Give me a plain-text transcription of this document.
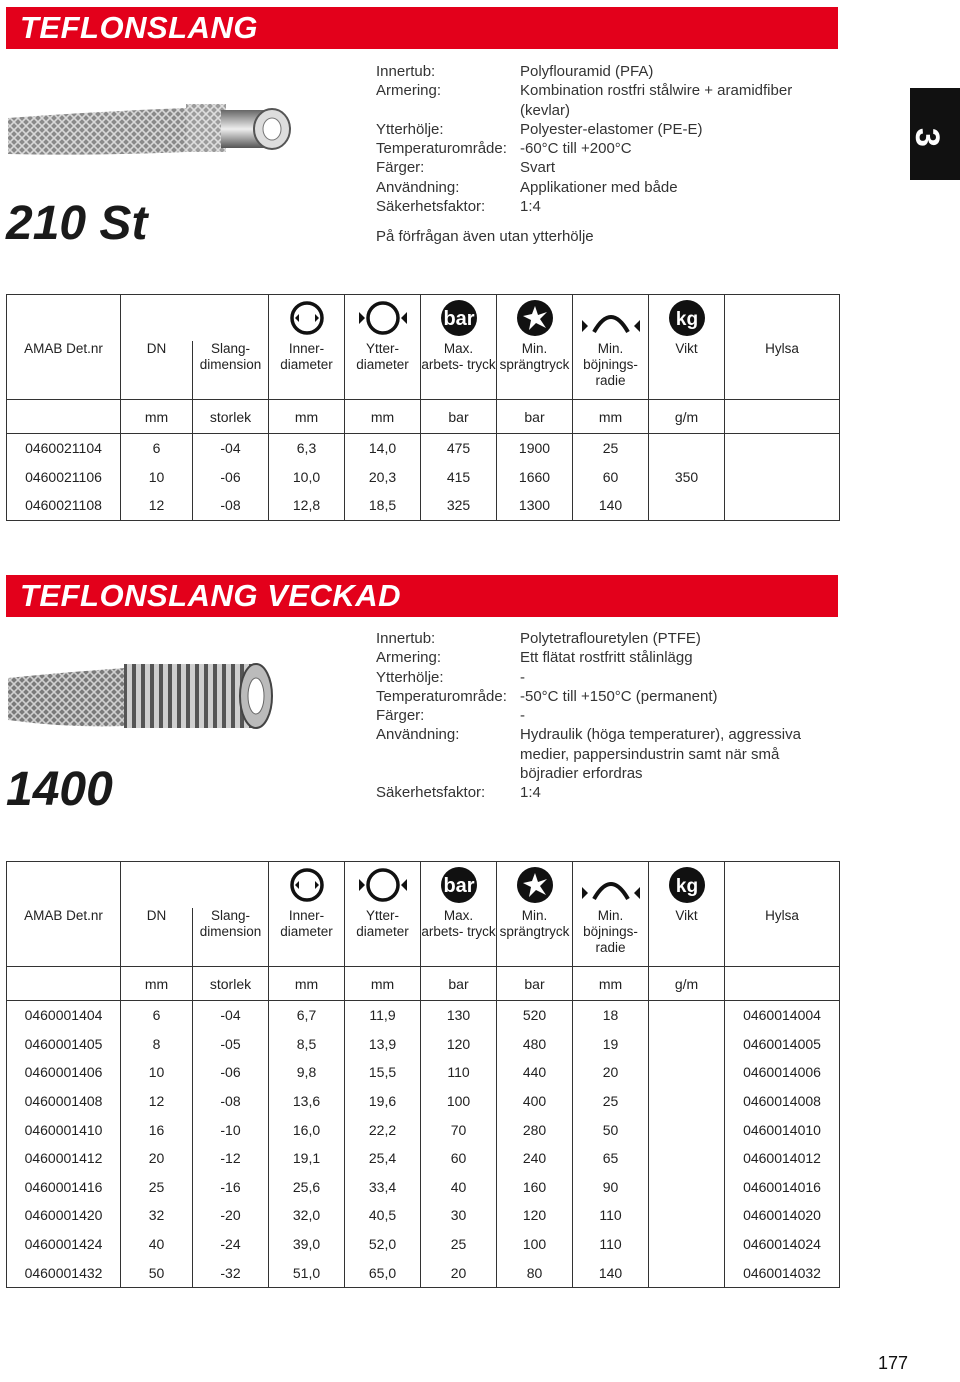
TEFLONSLANG
3
210 St
Innertub:	Polyflouramid (PFA)
Armering:	Kombination rostfri stålwire + aramidfiber (kevlar)
Ytterhölje:	Polyester-elastomer (PE-E)
Temperaturområde: -60°C till +200°C
Färger:	Svart
Användning:	Applikationer med både
Säkerhetsfaktor:	1:4
På förfrågan även utan ytterhölje

bar			kg	

AMAB Det.nr	DN	Slang- dimension	Inner- diameter	Ytter- diameter	Max. arbets- tryck	Min. sprängtryck	Min. böjnings- radie	Vikt	Hylsa
	mm	storlek	mm	mm	bar	bar	mm	g/m	
0460021104	6	-04	6,3	14,0	475	1900	25		
0460021106	10	-06	10,0	20,3	415	1660	60	350	
0460021108	12	-08	12,8	18,5	325	1300	140		
TEFLONSLANG VECKAD
1400
Innertub:	Polytetraflouretylen (PTFE)
Armering:	Ett flätat rostfritt stålinlägg
Ytterhölje:	-
Temperaturområde: -50°C till +150°C (permanent)
Färger:	-
Användning:	Hydraulik (höga temperaturer), aggressiva medier, pappersindustrin samt när små böjradier erfordras
Säkerhetsfaktor:	1:4

bar			kg	

AMAB Det.nr	DN	Slang- dimension	Inner- diameter	Ytter- diameter	Max. arbets- tryck	Min. sprängtryck	Min. böjnings- radie	Vikt	Hylsa
	mm	storlek	mm	mm	bar	bar	mm	g/m	
0460001404	6	-04	6,7	11,9	130	520	18		0460014004
0460001405	8	-05	8,5	13,9	120	480	19		0460014005
0460001406	10	-06	9,8	15,5	110	440	20		0460014006
0460001408	12	-08	13,6	19,6	100	400	25		0460014008
0460001410	16	-10	16,0	22,2	70	280	50		0460014010
0460001412	20	-12	19,1	25,4	60	240	65		0460014012
0460001416	25	-16	25,6	33,4	40	160	90		0460014016
0460001420	32	-20	32,0	40,5	30	120	110		0460014020
0460001424	40	-24	39,0	52,0	25	100	110		0460014024
0460001432	50	-32	51,0	65,0	20	80	140		0460014032
177
